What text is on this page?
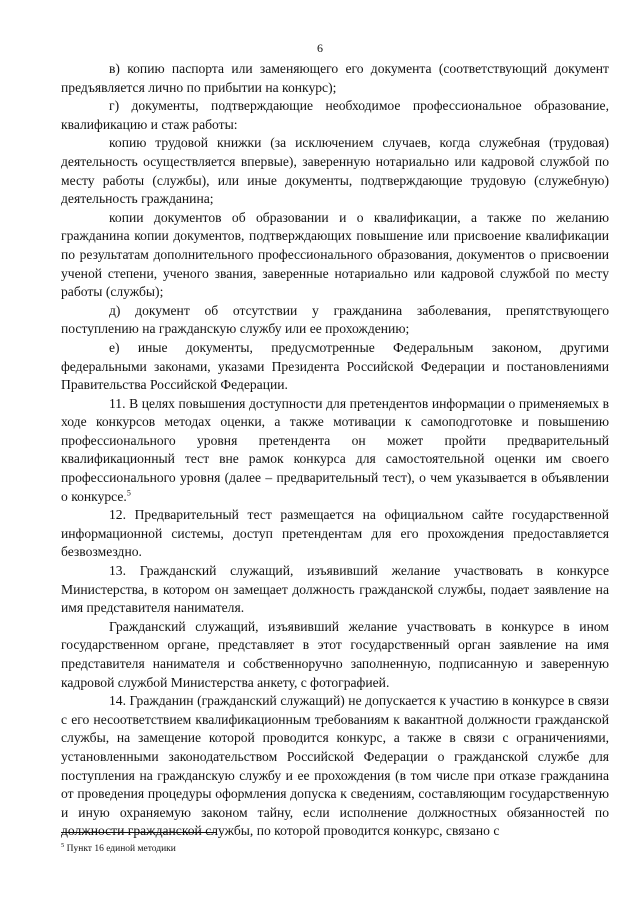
6

в) копию паспорта или заменяющего его документа (соответствующий документ предъявляется лично по прибытии на конкурс);

г) документы, подтверждающие необходимое профессиональное образование, квалификацию и стаж работы:

копию трудовой книжки (за исключением случаев, когда служебная (трудовая) деятельность осуществляется впервые), заверенную нотариально или кадровой службой по месту работы (службы), или иные документы, подтверждающие трудовую (служебную) деятельность гражданина;

копии документов об образовании и о квалификации, а также по желанию гражданина копии документов, подтверждающих повышение или присвоение квалификации по результатам дополнительного профессионального образования, документов о присвоении ученой степени, ученого звания, заверенные нотариально или кадровой службой по месту работы (службы);

д) документ об отсутствии у гражданина заболевания, препятствующего поступлению на гражданскую службу или ее прохождению;

е) иные документы, предусмотренные Федеральным законом, другими федеральными законами, указами Президента Российской Федерации и постановлениями Правительства Российской Федерации.

11. В целях повышения доступности для претендентов информации о применяемых в ходе конкурсов методах оценки, а также мотивации к самоподготовке и повышению профессионального уровня претендента он может пройти предварительный квалификационный тест вне рамок конкурса для самостоятельной оценки им своего профессионального уровня (далее – предварительный тест), о чем указывается в объявлении о конкурсе.$^5$

12. Предварительный тест размещается на официальном сайте государственной информационной системы, доступ претендентам для его прохождения предоставляется безвозмездно.

13. Гражданский служащий, изъявивший желание участвовать в конкурсе Министерства, в котором он замещает должность гражданской службы, подает заявление на имя представителя нанимателя.

Гражданский служащий, изъявивший желание участвовать в конкурсе в ином государственном органе, представляет в этот государственный орган заявление на имя представителя нанимателя и собственноручно заполненную, подписанную и заверенную кадровой службой Министерства анкету, с фотографией.

14. Гражданин (гражданский служащий) не допускается к участию в конкурсе в связи с его несоответствием квалификационным требованиям к вакантной должности гражданской службы, на замещение которой проводится конкурс, а также в связи с ограничениями, установленными законодательством Российской Федерации о гражданской службе для поступления на гражданскую службу и ее прохождения (в том числе при отказе гражданина от проведения процедуры оформления допуска к сведениям, составляющим государственную и иную охраняемую законом тайну, если исполнение должностных обязанностей по должности гражданской службы, по которой проводится конкурс, связано с

$^5$ Пункт 16 единой методики
